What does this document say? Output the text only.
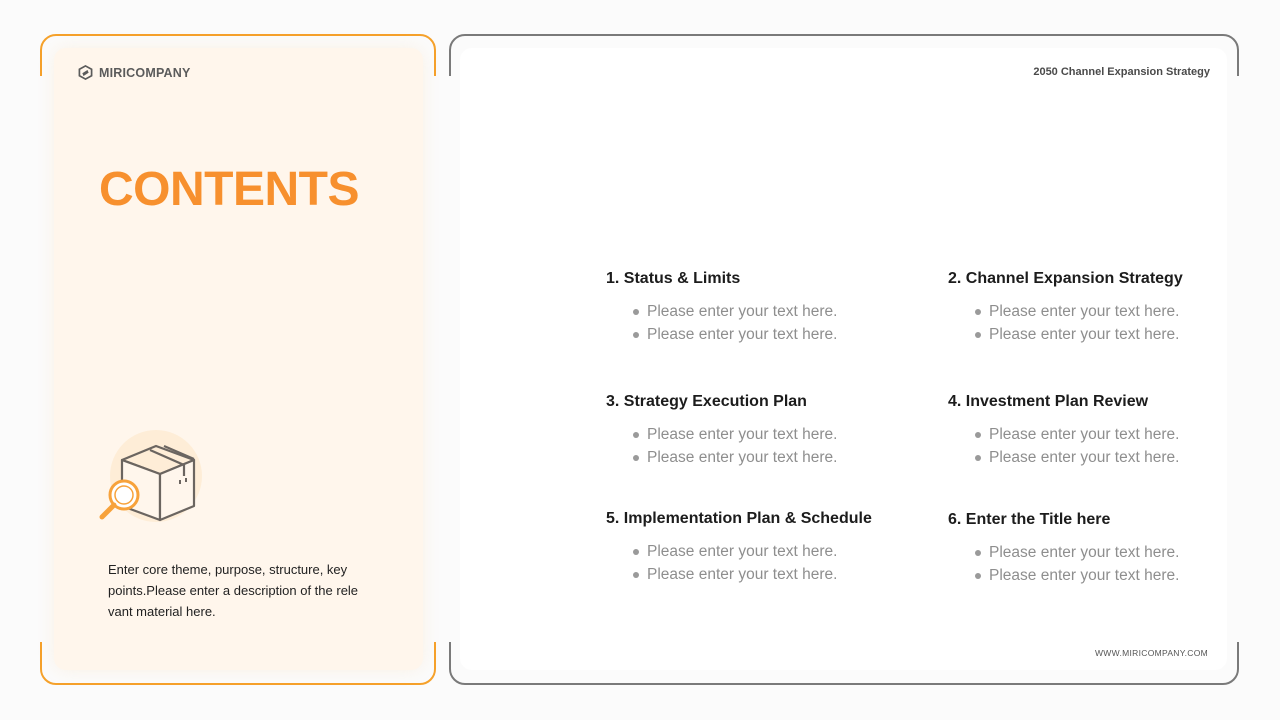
MIRICOMPANY
CONTENTS
Enter core theme, purpose, structure, key points.Please enter a description of the rele vant material here.
2050 Channel Expansion Strategy
1. Status & Limits
Please enter your text here.
Please enter your text here.
2. Channel Expansion Strategy
Please enter your text here.
Please enter your text here.
3. Strategy Execution Plan
Please enter your text here.
Please enter your text here.
4. Investment Plan Review
Please enter your text here.
Please enter your text here.
5. Implementation Plan & Schedule
Please enter your text here.
Please enter your text here.
6. Enter the Title here
Please enter your text here.
Please enter your text here.
WWW.MIRICOMPANY.COM
